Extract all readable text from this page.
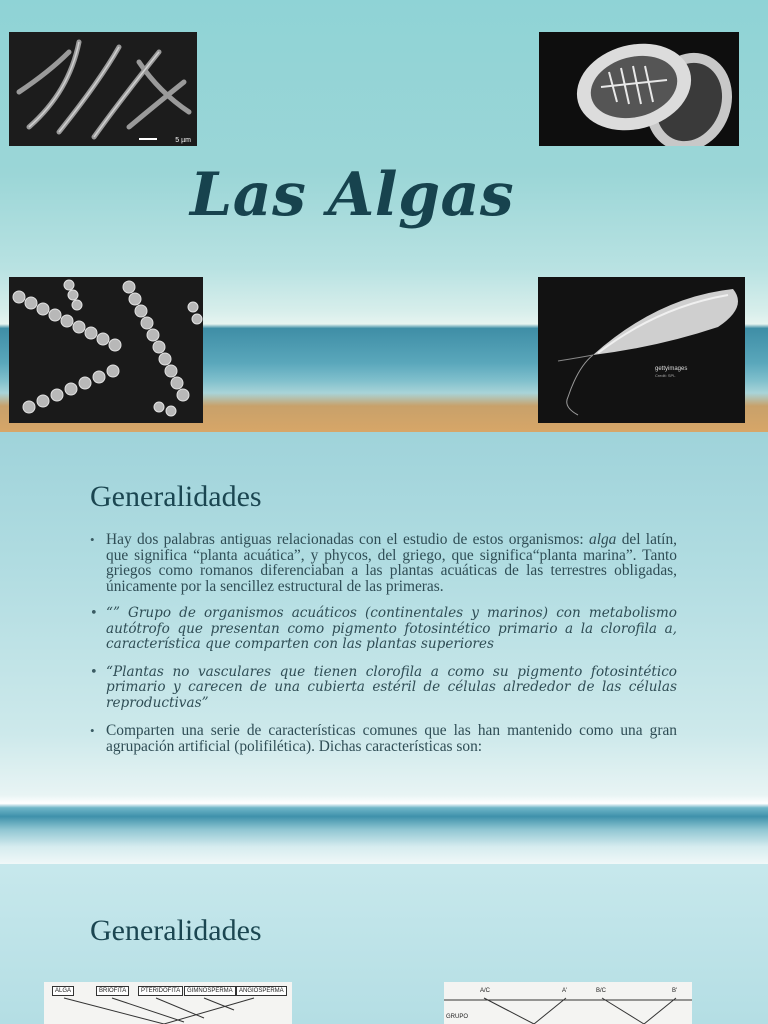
5 µm
Las Algas
gettyimages
Credit: SPL
Generalidades
• Hay dos palabras antiguas relacionadas con el estudio de estos organismos: alga del latín, que significa “planta acuática”, y phycos, del griego, que significa“planta marina”. Tanto griegos como romanos diferenciaban a las plantas acuáticas de las terrestres obligadas, únicamente por la sencillez estructural de las primeras.
• “” Grupo de organismos acuáticos (continentales y marinos) con metabolismo autótrofo que presentan como pigmento fotosintético primario a la clorofila a, característica que comparten con las plantas superiores
• “Plantas no vasculares que tienen clorofila a como su pigmento fotosintético primario y carecen de una cubierta estéril de células alrededor de las células reproductivas”
• Comparten una serie de características comunes que las han mantenido como una gran agrupación artificial (polifilética). Dichas características son:
Generalidades
ALGA	BRIÓFITA	PTERIDÓFITA	GIMNOSPERMA	ANGIOSPERMA	A/C	A'	B/C	B'
GRUPO
